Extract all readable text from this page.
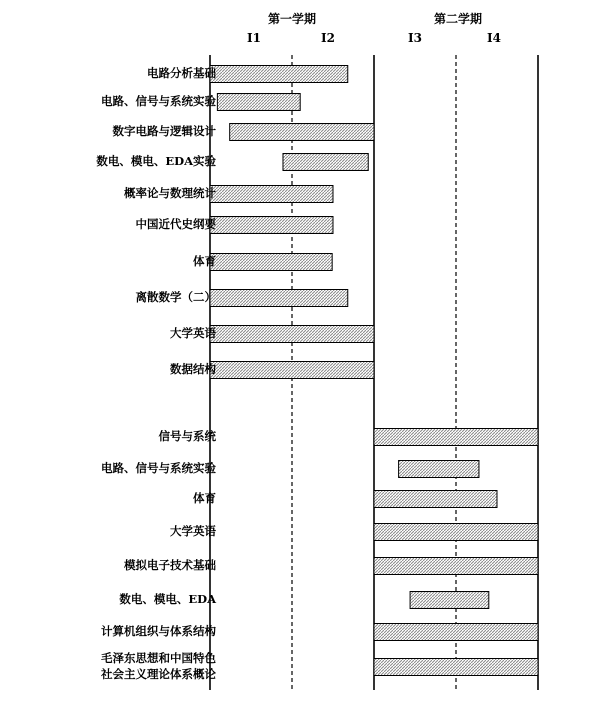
第一学期	第二学期
I1	I2	I3	I4
电路分析基础
电路、信号与系统实验
数字电路与逻辑设计
数电、模电、EDA实验
概率论与数理统计
中国近代史纲要
体育
离散数学（二）
大学英语
数据结构
信号与系统
电路、信号与系统实验
体育
大学英语
模拟电子技术基础
数电、模电、EDA
计算机组织与体系结构
毛泽东思想和中国特色
社会主义理论体系概论
